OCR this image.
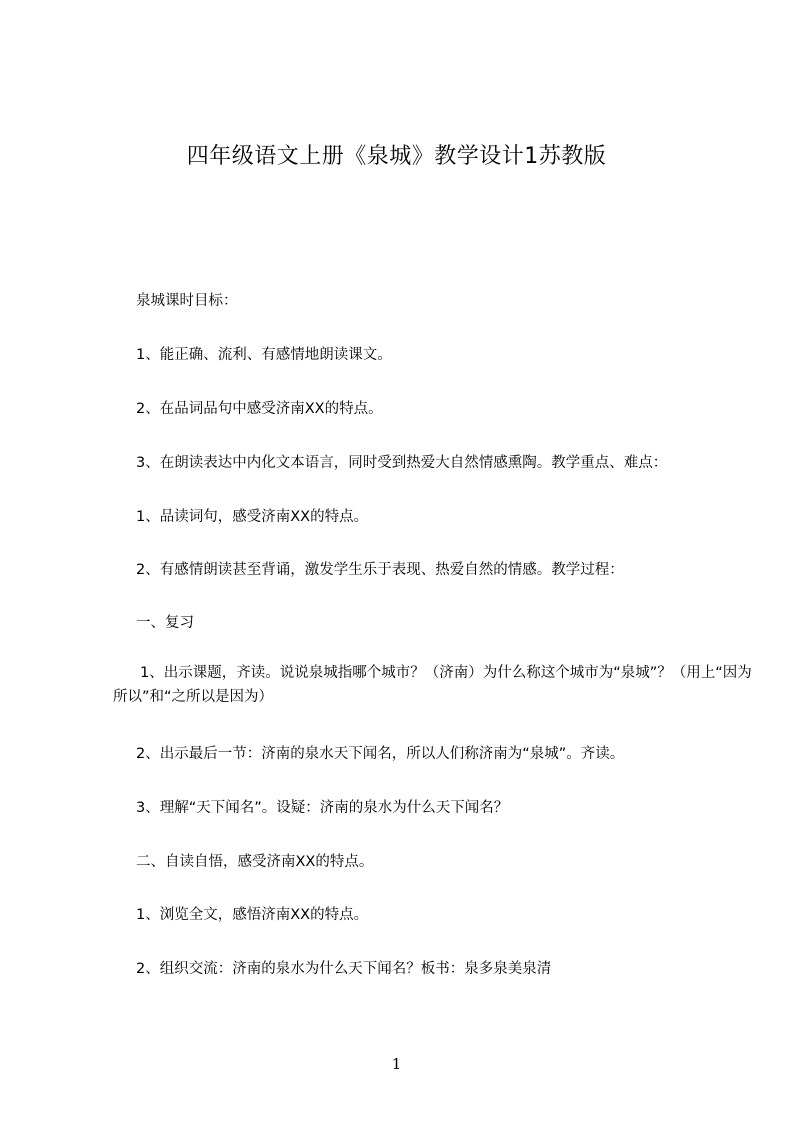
四年级语文上册《泉城》教学设计1苏教版
泉城课时目标：
1、能正确、流利、有感情地朗读课文。
2、在品词品句中感受济南XX的特点。
3、在朗读表达中内化文本语言，同时受到热爱大自然情感熏陶。教学重点、难点：
1、品读词句，感受济南XX的特点。
2、有感情朗读甚至背诵，激发学生乐于表现、热爱自然的情感。教学过程：
一、复习
1、出示课题，齐读。说说泉城指哪个城市？（济南）为什么称这个城市为“泉城”？（用上“因为所以”和“之所以是因为）
2、出示最后一节：济南的泉水天下闻名，所以人们称济南为“泉城”。齐读。
3、理解“天下闻名”。设疑：济南的泉水为什么天下闻名？
二、自读自悟，感受济南XX的特点。
1、浏览全文，感悟济南XX的特点。
2、组织交流：济南的泉水为什么天下闻名？板书：泉多泉美泉清
1
